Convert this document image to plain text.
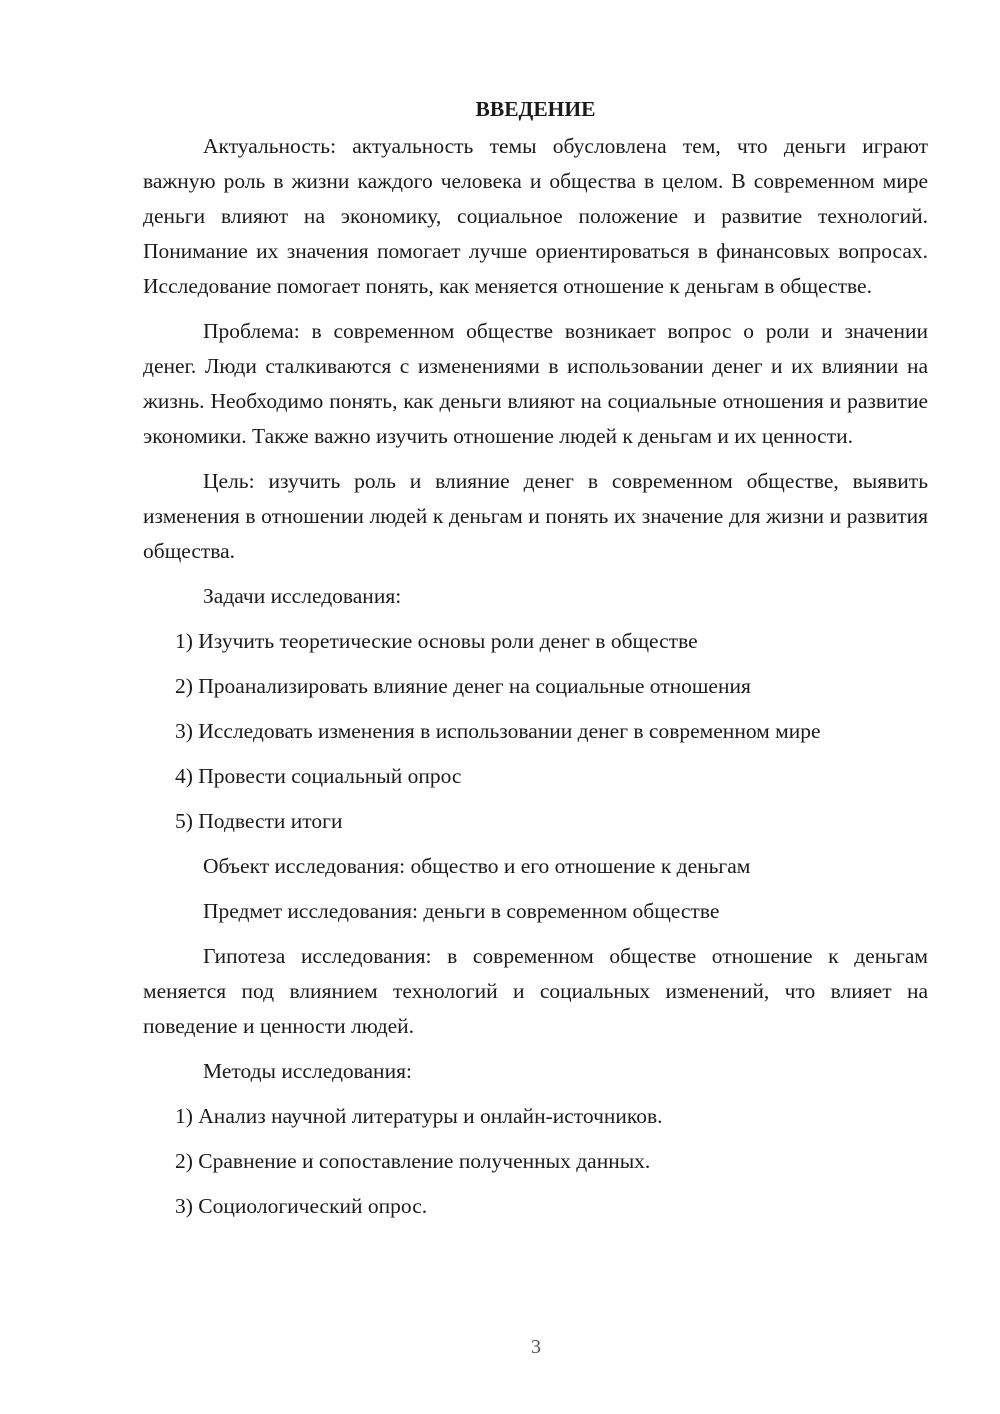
ВВЕДЕНИЕ

Актуальность: актуальность темы обусловлена тем, что деньги играют важную роль в жизни каждого человека и общества в целом. В современном мире деньги влияют на экономику, социальное положение и развитие технологий. Понимание их значения помогает лучше ориентироваться в финансовых вопросах. Исследование помогает понять, как меняется отношение к деньгам в обществе.

Проблема: в современном обществе возникает вопрос о роли и значении денег. Люди сталкиваются с изменениями в использовании денег и их влиянии на жизнь. Необходимо понять, как деньги влияют на социальные отношения и развитие экономики. Также важно изучить отношение людей к деньгам и их ценности.

Цель: изучить роль и влияние денег в современном обществе, выявить изменения в отношении людей к деньгам и понять их значение для жизни и развития общества.

Задачи исследования:

1) Изучить теоретические основы роли денег в обществе

2) Проанализировать влияние денег на социальные отношения

3) Исследовать изменения в использовании денег в современном мире

4) Провести социальный опрос

5) Подвести итоги

Объект исследования: общество и его отношение к деньгам

Предмет исследования: деньги в современном обществе

Гипотеза исследования: в современном обществе отношение к деньгам меняется под влиянием технологий и социальных изменений, что влияет на поведение и ценности людей.

Методы исследования:

1) Анализ научной литературы и онлайн-источников.

2) Сравнение и сопоставление полученных данных.

3) Социологический опрос.

3
